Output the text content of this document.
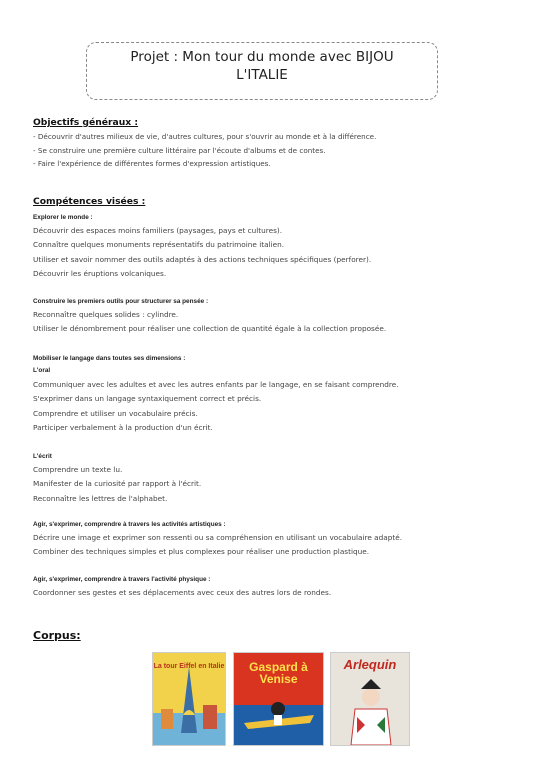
Projet : Mon tour du monde avec BIJOU
L'ITALIE
Objectifs généraux :
- Découvrir d'autres milieux de vie, d'autres cultures, pour s'ouvrir au monde et à la différence.
- Se construire une première culture littéraire par l'écoute d'albums et de contes.
- Faire l'expérience de différentes formes d'expression artistiques.
Compétences visées :
Explorer le monde :
Découvrir des espaces moins familiers (paysages, pays et cultures).
Connaître quelques monuments représentatifs du patrimoine italien.
Utiliser et savoir nommer des outils adaptés à des actions techniques spécifiques (perforer).
Découvrir les éruptions volcaniques.
Construire les premiers outils pour structurer sa pensée :
Reconnaître quelques solides : cylindre.
Utiliser le dénombrement pour réaliser une collection de quantité égale à la collection proposée.
Mobiliser le langage dans toutes ses dimensions :
L'oral
Communiquer avec les adultes et avec les autres enfants par le langage, en se faisant comprendre.
S'exprimer dans un langage syntaxiquement correct et précis.
Comprendre et utiliser un vocabulaire précis.
Participer verbalement à la production d'un écrit.
L'écrit
Comprendre un texte lu.
Manifester de la curiosité par rapport à l'écrit.
Reconnaître les lettres de l'alphabet.
Agir, s'exprimer, comprendre à travers les activités artistiques :
Décrire une image et exprimer son ressenti ou sa compréhension en utilisant un vocabulaire adapté.
Combiner des techniques simples et plus complexes pour réaliser une production plastique.
Agir, s'exprimer, comprendre à travers l'activité physique :
Coordonner ses gestes et ses déplacements avec ceux des autres lors de rondes.
Corpus:
La tour Eiffel en Italie	Gaspard à Venise
Arlequin
